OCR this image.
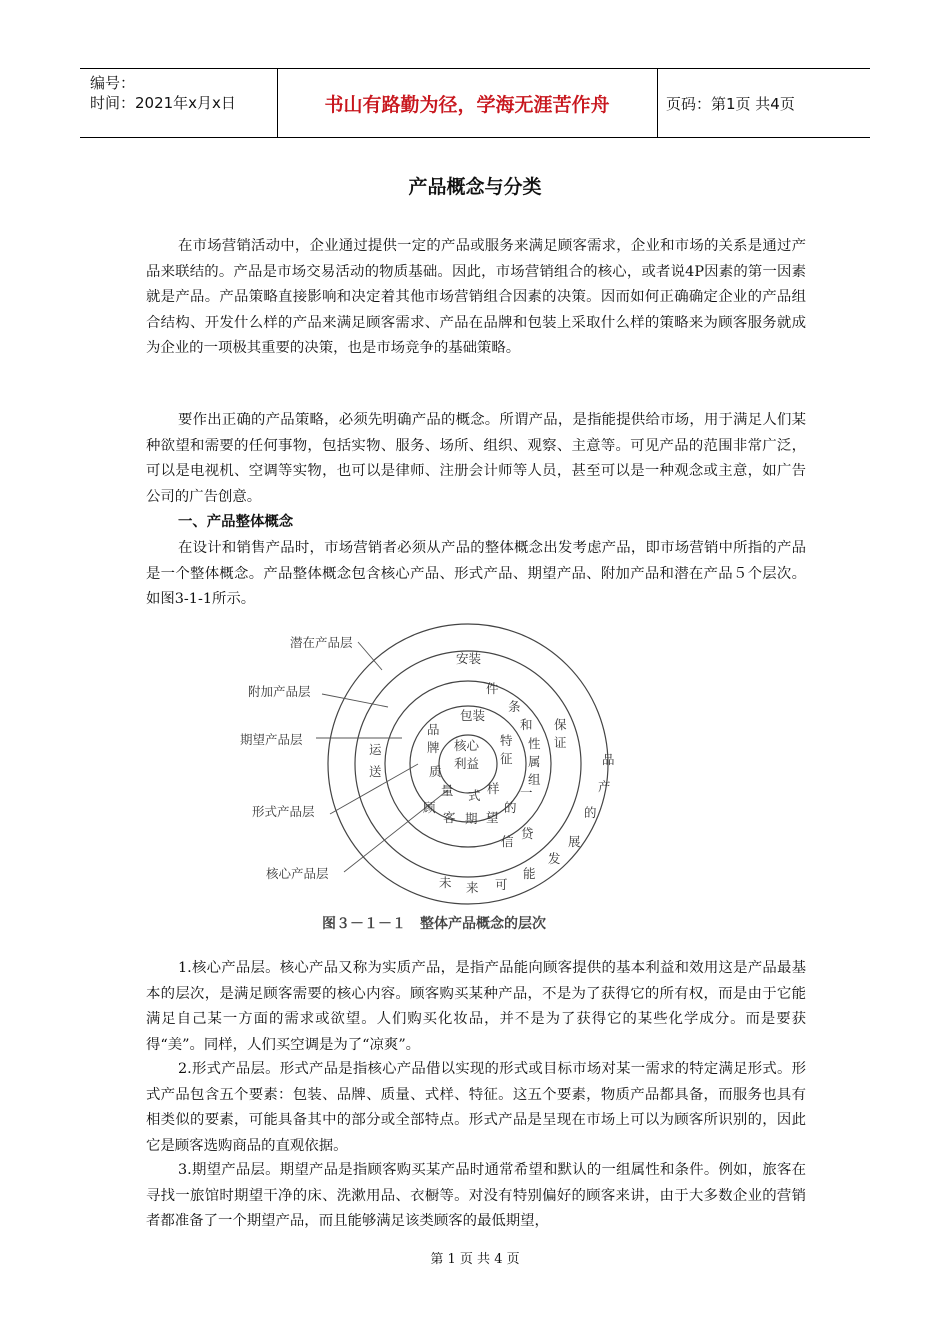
编号：
时间：2021年x月x日	书山有路勤为径，学海无涯苦作舟	页码：第1页 共4页
产品概念与分类

在市场营销活动中，企业通过提供一定的产品或服务来满足顾客需求，企业和市场的关系是通过产品来联结的。产品是市场交易活动的物质基础。因此，市场营销组合的核心，或者说4P因素的第一因素就是产品。产品策略直接影响和决定着其他市场营销组合因素的决策。因而如何正确确定企业的产品组合结构、开发什么样的产品来满足顾客需求、产品在品牌和包装上采取什么样的策略来为顾客服务就成为企业的一项极其重要的决策，也是市场竞争的基础策略。

要作出正确的产品策略，必须先明确产品的概念。所谓产品，是指能提供给市场，用于满足人们某种欲望和需要的任何事物，包括实物、服务、场所、组织、观察、主意等。可见产品的范围非常广泛，可以是电视机、空调等实物，也可以是律师、注册会计师等人员，甚至可以是一种观念或主意，如广告公司的广告创意。

一、产品整体概念

在设计和销售产品时，市场营销者必须从产品的整体概念出发考虑产品，即市场营销中所指的产品是一个整体概念。产品整体概念包含核心产品、形式产品、期望产品、附加产品和潜在产品５个层次。如图3-1-1所示。

潜在产品层
附加产品层
期望产品层
形式产品层
核心产品层
核心
利益
包装
品
牌
质
量 式 样
特
征
件
条
和
性
属
组
一
的
望
期
客
顾
安装
保
证
运
送
信
贷
品
产
的
展
发
能
可
来
未
图３－１－１　整体产品概念的层次

1.核心产品层。核心产品又称为实质产品，是指产品能向顾客提供的基本利益和效用这是产品最基本的层次，是满足顾客需要的核心内容。顾客购买某种产品，不是为了获得它的所有权，而是由于它能满足自己某一方面的需求或欲望。人们购买化妆品，并不是为了获得它的某些化学成分。而是要获得“美”。同样，人们买空调是为了“凉爽”。

2.形式产品层。形式产品是指核心产品借以实现的形式或目标市场对某一需求的特定满足形式。形式产品包含五个要素：包装、品牌、质量、式样、特征。这五个要素，物质产品都具备，而服务也具有相类似的要素，可能具备其中的部分或全部特点。形式产品是呈现在市场上可以为顾客所识别的，因此它是顾客选购商品的直观依据。

3.期望产品层。期望产品是指顾客购买某产品时通常希望和默认的一组属性和条件。例如，旅客在寻找一旅馆时期望干净的床、洗漱用品、衣橱等。对没有特别偏好的顾客来讲，由于大多数企业的营销者都准备了一个期望产品，而且能够满足该类顾客的最低期望，

第 1 页 共 4 页
